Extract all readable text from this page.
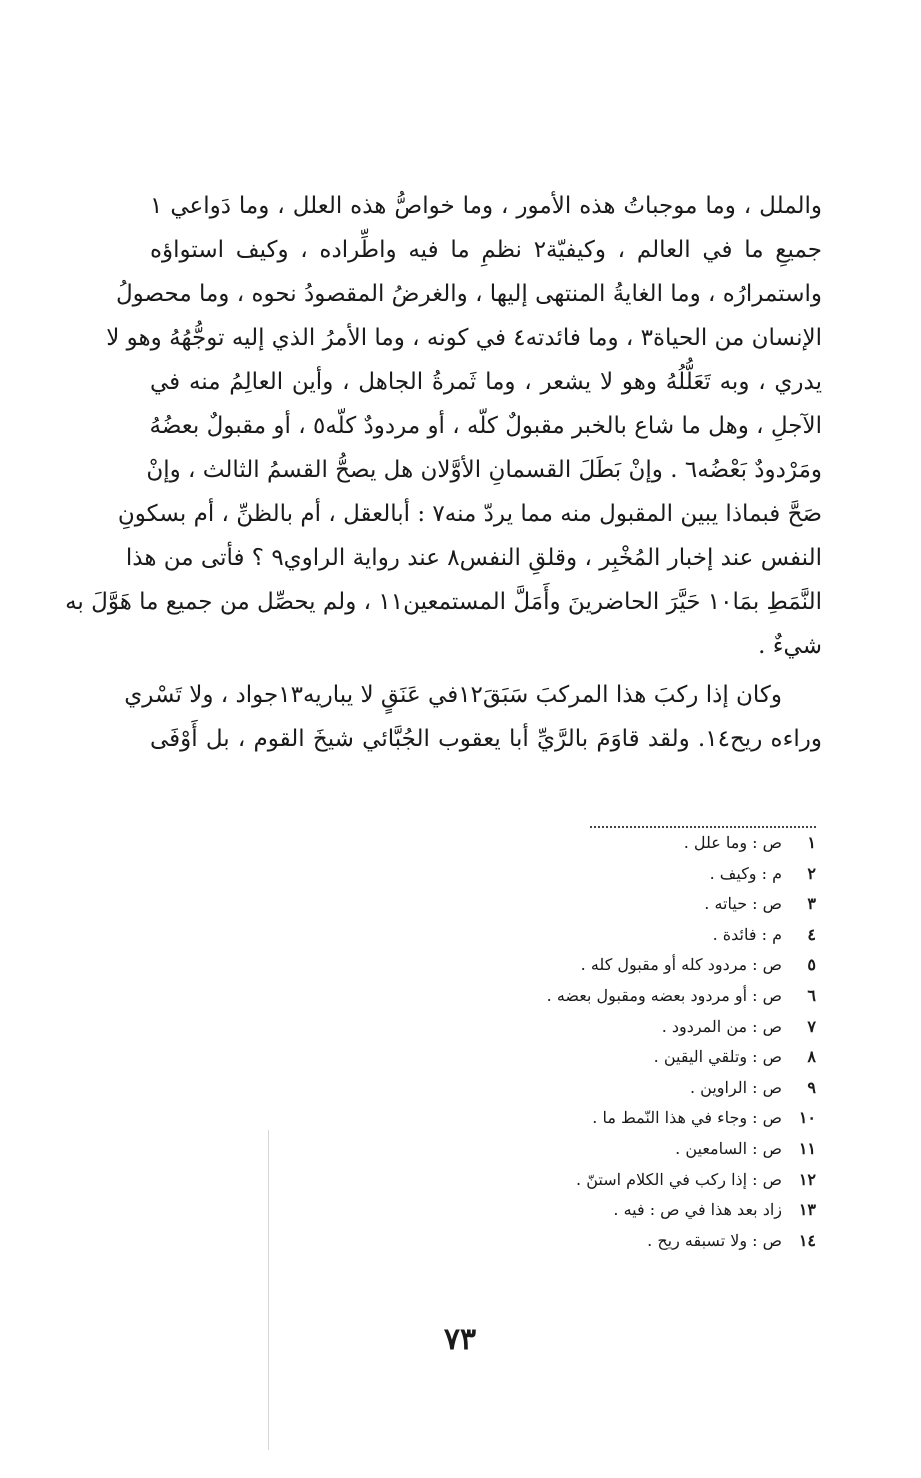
والملل ، وما موجباتُ هذه الأمور ، وما خواصُّ هذه العلل ، وما دَواعي ١
جميعِ ما في العالم ، وكيفيّة٢ نظمِ ما فيه واطِّراده ، وكيف استواؤه
واستمرارُه ، وما الغايةُ المنتهى إليها ، والغرضُ المقصودُ نحوه ، وما محصولُ
الإنسان من الحياة٣ ، وما فائدته٤ في كونه ، وما الأمرُ الذي إليه توجُّهُهُ وهو لا
يدري ، وبه تَعَلُّلُهُ وهو لا يشعر ، وما ثَمرةُ الجاهل ، وأين العالِمُ منه في
الآجلِ ، وهل ما شاع بالخبر مقبولٌ كلّه ، أو مردودٌ كلّه٥ ، أو مقبولٌ بعضُهُ
ومَرْدودٌ بَعْضُه٦ . وإنْ بَطَلَ القسمانِ الأوَّلان هل يصحُّ القسمُ الثالث ، وإنْ
صَحَّ فبماذا يبين المقبول منه مما يردّ منه٧ : أبالعقل ، أم بالظنِّ ، أم بسكونِ
النفس عند إخبار المُخْبِر ، وقلقِ النفس٨ عند رواية الراوي٩ ؟ فأتى من هذا
النَّمَطِ بمَا١٠ حَيَّرَ الحاضرينَ وأَمَلَّ المستمعين١١ ، ولم يحصِّل من جميع ما هَوَّلَ به
شيءٌ .
وكان إذا ركبَ هذا المركبَ سَبَقَ١٢في عَنَقٍ لا يباريه١٣جواد ، ولا تَسْري
وراءه ريح١٤. ولقد قاوَمَ بالرَّيِّ أبا يعقوب الجُبَّائي شيخَ القوم ، بل أَوْفَى
١
ص : وما علل .
٢
م : وكيف .
٣
ص : حياته .
٤
م : فائدة .
٥
ص : مردود كله أو مقبول كله .
٦
ص : أو مردود بعضه ومقبول بعضه .
٧
ص : من المردود .
٨
ص : وتلقي اليقين .
٩
ص : الراوين .
١٠
ص : وجاء في هذا النّمط ما .
١١
ص : السامعين .
١٢
ص : إذا ركب في الكلام استنّ .
١٣
زاد بعد هذا في ص : فيه .
١٤
ص : ولا تسبقه ريح .
٧٣
